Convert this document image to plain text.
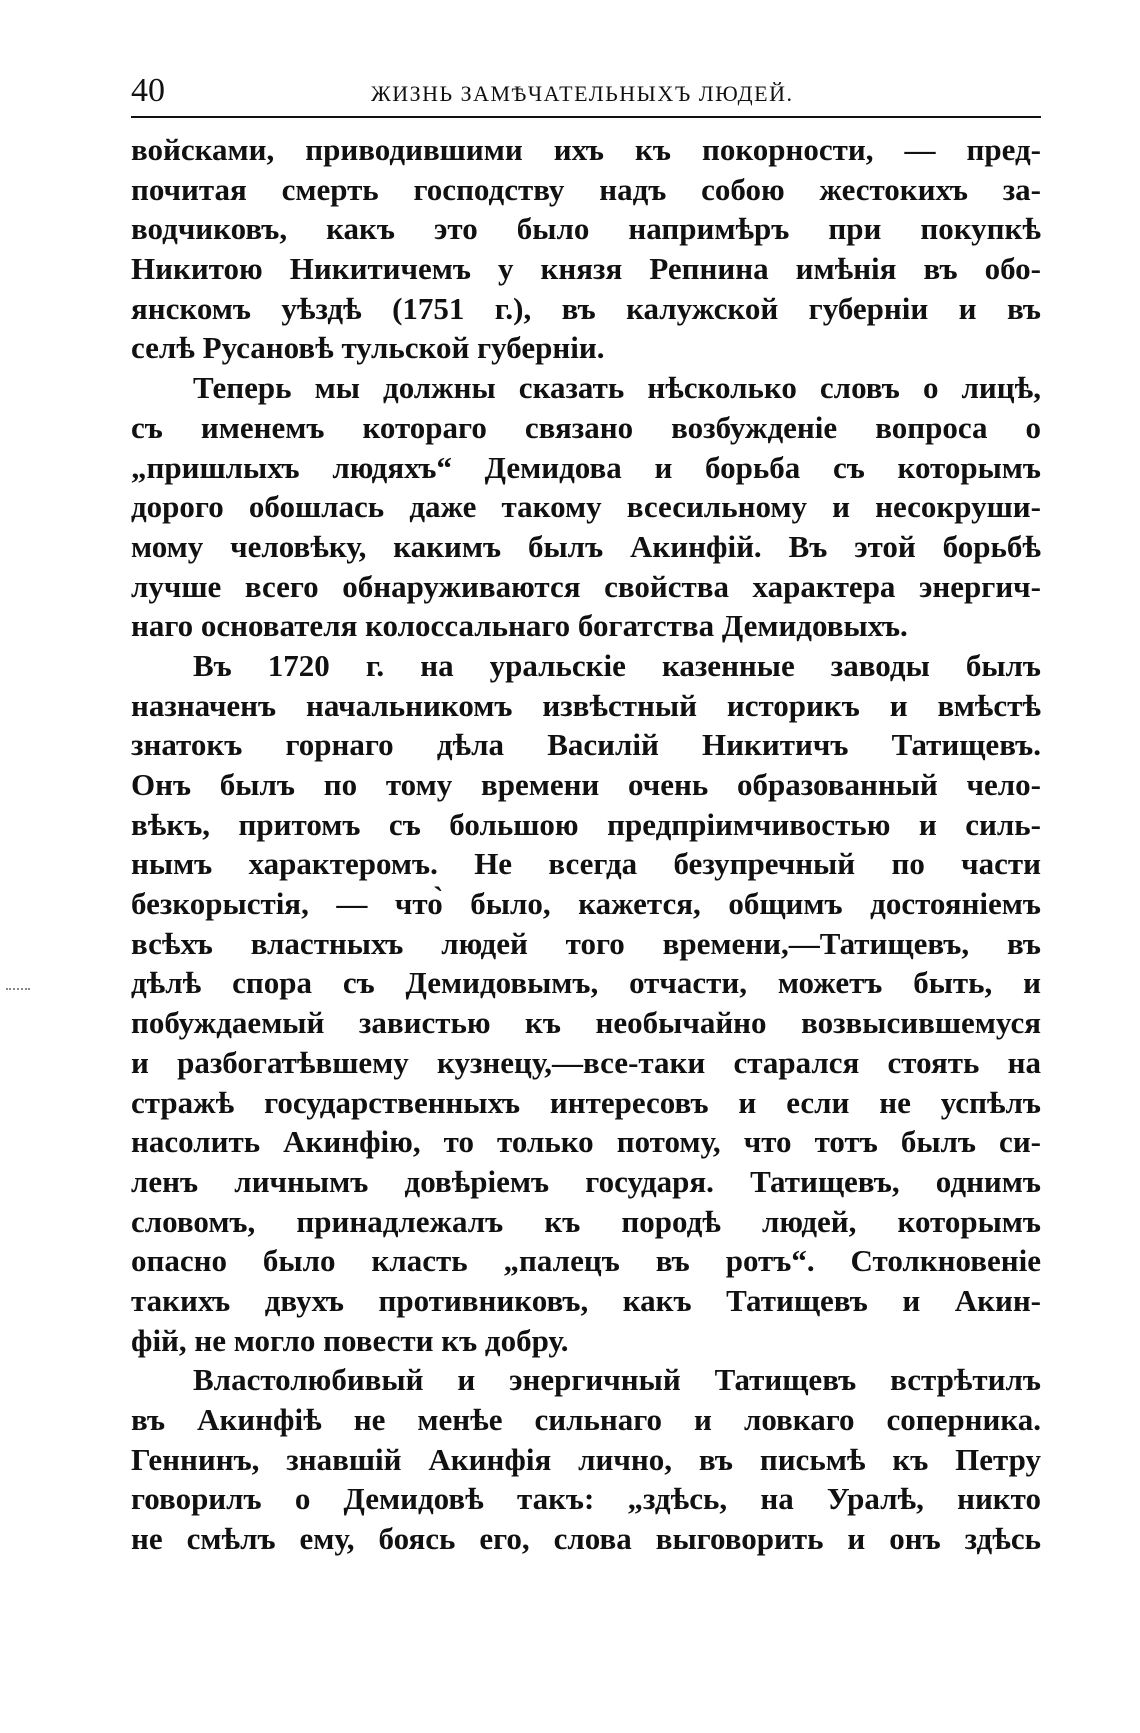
40	ЖИЗНЬ ЗАМѢЧАТЕЛЬНЫХЪ ЛЮДЕЙ.
войсками, приводившими ихъ къ покорности, — пред-
почитая смерть господству надъ собою жестокихъ за-
водчиковъ, какъ это было напримѣръ при покупкѣ
Никитою Никитичемъ у князя Репнина имѣнія въ обо-
янскомъ уѣздѣ (1751 г.), въ калужской губерніи и въ
селѣ Русановѣ тульской губерніи.
Теперь мы должны сказать нѣсколько словъ о лицѣ,
съ именемъ котораго связано возбужденіе вопроса о
„пришлыхъ людяхъ“ Демидова и борьба съ которымъ
дорого обошлась даже такому всесильному и несокруши-
мому человѣку, какимъ былъ Акинфій. Въ этой борьбѣ
лучше всего обнаруживаются свойства характера энергич-
наго основателя колоссальнаго богатства Демидовыхъ.
Въ 1720 г. на уральскіе казенные заводы былъ
назначенъ начальникомъ извѣстный историкъ и вмѣстѣ
знатокъ горнаго дѣла Василій Никитичъ Татищевъ.
Онъ былъ по тому времени очень образованный чело-
вѣкъ, притомъ съ большою предпріимчивостью и силь-
нымъ характеромъ. Не всегда безупречный по части
безкорыстія, — что̀ было, кажется, общимъ достояніемъ
всѣхъ властныхъ людей того времени,—Татищевъ, въ
дѣлѣ спора съ Демидовымъ, отчасти, можетъ быть, и
побуждаемый завистью къ необычайно возвысившемуся
и разбогатѣвшему кузнецу,—все-таки старался стоять на
стражѣ государственныхъ интересовъ и если не успѣлъ
насолить Акинфію, то только потому, что тотъ былъ си-
ленъ личнымъ довѣріемъ государя. Татищевъ, однимъ
словомъ, принадлежалъ къ породѣ людей, которымъ
опасно было класть „палецъ въ ротъ“. Столкновеніе
такихъ двухъ противниковъ, какъ Татищевъ и Акин-
фій, не могло повести къ добру.
Властолюбивый и энергичный Татищевъ встрѣтилъ
въ Акинфіѣ не менѣе сильнаго и ловкаго соперника.
Геннинъ, знавшій Акинфія лично, въ письмѣ къ Петру
говорилъ о Демидовѣ такъ: „здѣсь, на Уралѣ, никто
не смѣлъ ему, боясь его, слова выговорить и онъ здѣсь
